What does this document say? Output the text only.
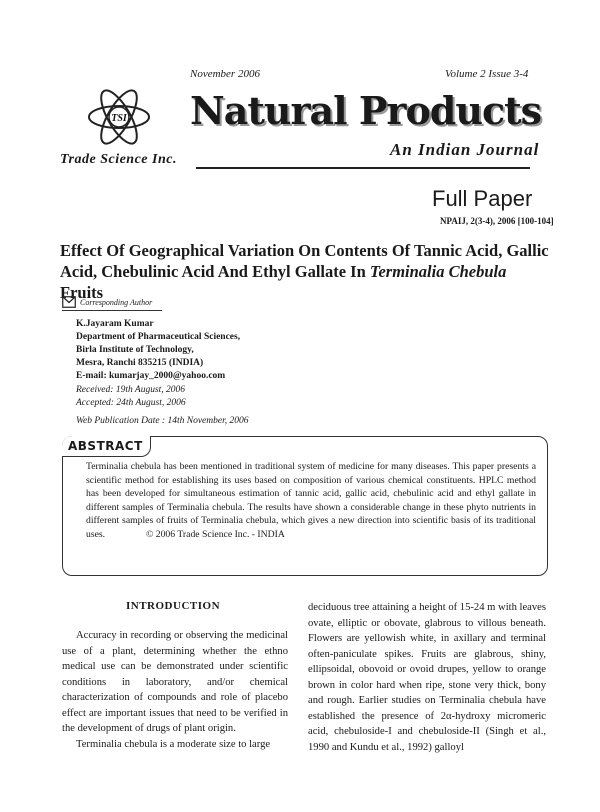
November 2006	Volume 2 Issue 3-4
TSI
Trade Science Inc.
Natural Products
An Indian Journal
Full Paper
NPAIJ, 2(3-4), 2006 [100-104]
Effect Of Geographical Variation On Contents Of Tannic Acid, Gallic Acid, Chebulinic Acid And Ethyl Gallate In Terminalia Chebula Fruits
Corresponding Author
K.Jayaram Kumar
Department of Pharmaceutical Sciences,
Birla Institute of Technology,
Mesra, Ranchi 835215 (INDIA)
E-mail: kumarjay_2000@yahoo.com
Received: 19th August, 2006
Accepted: 24th August, 2006
Web Publication Date : 14th November, 2006
ABSTRACT
Terminalia chebula has been mentioned in traditional system of medicine for many diseases. This paper presents a scientific method for establishing its uses based on composition of various chemical constituents. HPLC method has been developed for simultaneous estimation of tannic acid, gallic acid, chebulinic acid and ethyl gallate in different samples of Terminalia chebula. The results have shown a considerable change in these phyto nutrients in different samples of fruits of Terminalia chebula, which gives a new direction into scientific basis of its traditional uses.	© 2006 Trade Science Inc. - INDIA
INTRODUCTION

Accuracy in recording or observing the medicinal use of a plant, determining whether the ethno medical use can be demonstrated under scientific conditions in laboratory, and/or chemical characterization of compounds and role of placebo effect are important issues that need to be verified in the development of drugs of plant origin.

Terminalia chebula is a moderate size to large

deciduous tree attaining a height of 15-24 m with leaves ovate, elliptic or obovate, glabrous to villous beneath. Flowers are yellowish white, in axillary and terminal often-paniculate spikes. Fruits are glabrous, shiny, ellipsoidal, obovoid or ovoid drupes, yellow to orange brown in color hard when ripe, stone very thick, bony and rough. Earlier studies on Terminalia chebula have established the presence of 2α-hydroxy micromeric acid, chebuloside-I and chebuloside-II (Singh et al., 1990 and Kundu et al., 1992) galloyl
